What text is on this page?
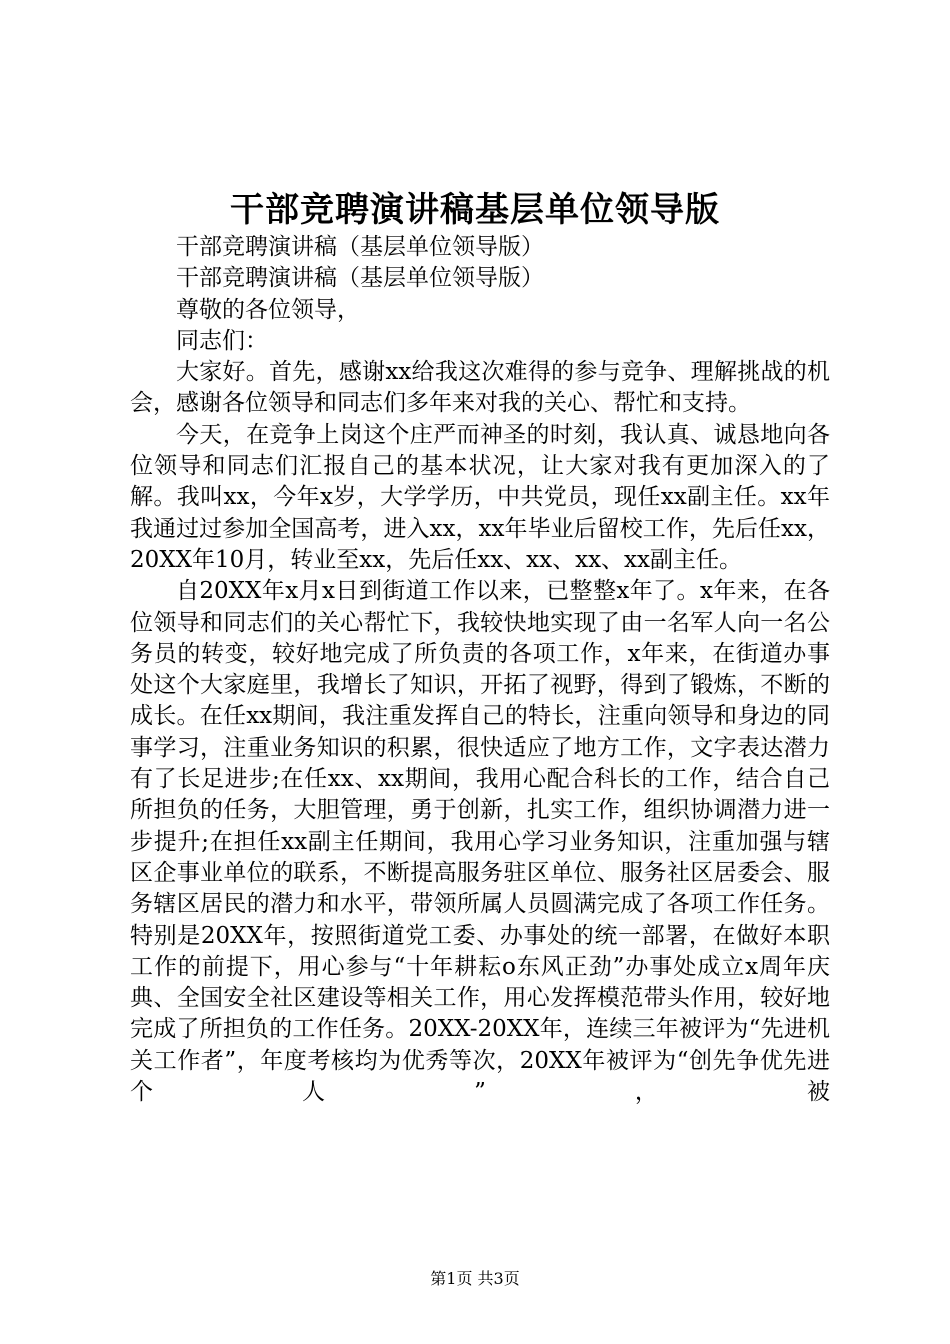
干部竞聘演讲稿基层单位领导版

干部竞聘演讲稿（基层单位领导版）

干部竞聘演讲稿（基层单位领导版）

尊敬的各位领导，

同志们：

大家好。首先，感谢xx给我这次难得的参与竞争、理解挑战的机会，感谢各位领导和同志们多年来对我的关心、帮忙和支持。

今天，在竞争上岗这个庄严而神圣的时刻，我认真、诚恳地向各位领导和同志们汇报自己的基本状况，让大家对我有更加深入的了解。我叫xx，今年x岁，大学学历，中共党员，现任xx副主任。xx年我通过过参加全国高考，进入xx，xx年毕业后留校工作，先后任xx，20XX年10月，转业至xx，先后任xx、xx、xx、xx副主任。

自20XX年x月x日到街道工作以来，已整整x年了。x年来，在各位领导和同志们的关心帮忙下，我较快地实现了由一名军人向一名公务员的转变，较好地完成了所负责的各项工作，x年来，在街道办事处这个大家庭里，我增长了知识，开拓了视野，得到了锻炼，不断的成长。在任xx期间，我注重发挥自己的特长，注重向领导和身边的同事学习，注重业务知识的积累，很快适应了地方工作，文字表达潜力有了长足进步;在任xx、xx期间，我用心配合科长的工作，结合自己所担负的任务，大胆管理，勇于创新，扎实工作，组织协调潜力进一步提升;在担任xx副主任期间，我用心学习业务知识，注重加强与辖区企事业单位的联系，不断提高服务驻区单位、服务社区居委会、服务辖区居民的潜力和水平，带领所属人员圆满完成了各项工作任务。特别是20XX年，按照街道党工委、办事处的统一部署，在做好本职工作的前提下，用心参与“十年耕耘o东风正劲”办事处成立x周年庆典、全国安全社区建设等相关工作，用心发挥模范带头作用，较好地完成了所担负的工作任务。20XX-20XX年，连续三年被评为“先进机关工作者”，年度考核均为优秀等次，20XX年被评为“创先争优先进个人”，被

第1页 共3页
